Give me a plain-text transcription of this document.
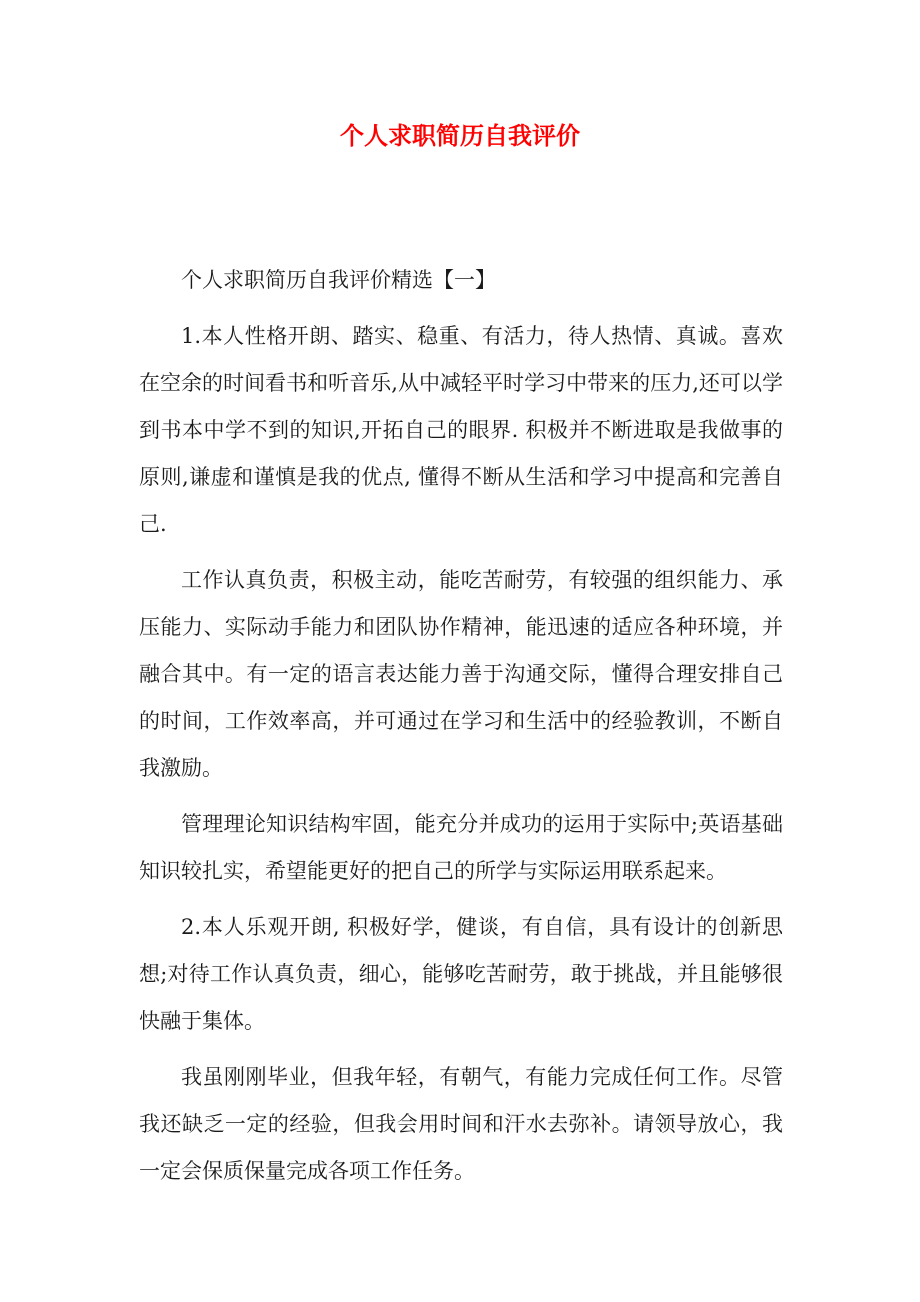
个人求职简历自我评价

个人求职简历自我评价精选【一】

1.本人性格开朗、踏实、稳重、有活力，待人热情、真诚。喜欢在空余的时间看书和听音乐,从中减轻平时学习中带来的压力,还可以学到书本中学不到的知识,开拓自己的眼界. 积极并不断进取是我做事的原则,谦虚和谨慎是我的优点, 懂得不断从生活和学习中提高和完善自己.

工作认真负责，积极主动，能吃苦耐劳，有较强的组织能力、承压能力、实际动手能力和团队协作精神，能迅速的适应各种环境，并融合其中。有一定的语言表达能力善于沟通交际，懂得合理安排自己的时间，工作效率高，并可通过在学习和生活中的经验教训，不断自我激励。

管理理论知识结构牢固，能充分并成功的运用于实际中;英语基础知识较扎实，希望能更好的把自己的所学与实际运用联系起来。

2.本人乐观开朗, 积极好学，健谈，有自信，具有设计的创新思想;对待工作认真负责，细心，能够吃苦耐劳，敢于挑战，并且能够很快融于集体。

我虽刚刚毕业，但我年轻，有朝气，有能力完成任何工作。尽管我还缺乏一定的经验，但我会用时间和汗水去弥补。请领导放心，我一定会保质保量完成各项工作任务。
